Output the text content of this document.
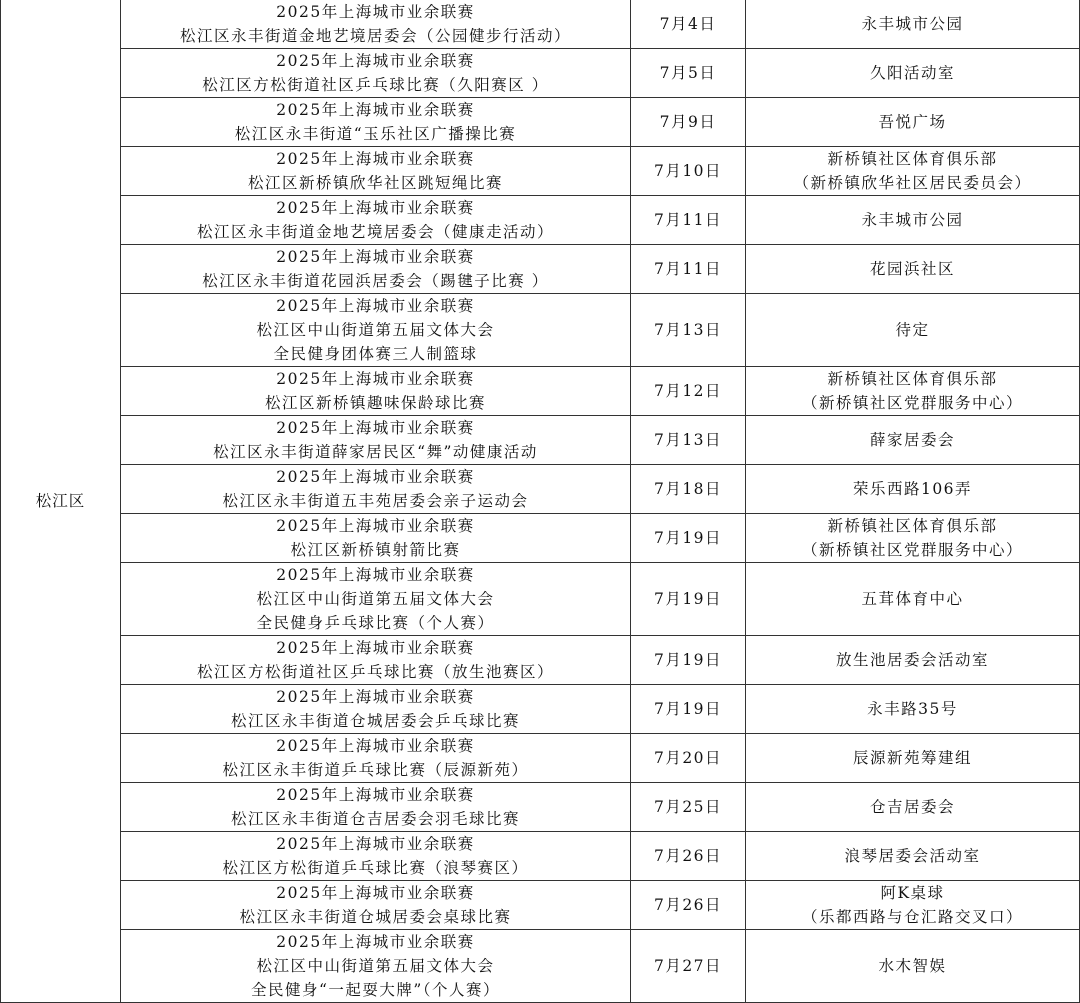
松江区	2025年上海城市业余联赛
松江区永丰街道金地艺境居委会（公园健步行活动）	7月4日	永丰城市公园

	2025年上海城市业余联赛
松江区方松街道社区乒乓球比赛（久阳赛区 ）	7月5日	久阳活动室

	2025年上海城市业余联赛
松江区永丰街道“玉乐社区广播操比赛	7月9日	吾悦广场

	2025年上海城市业余联赛
松江区新桥镇欣华社区跳短绳比赛	7月10日	新桥镇社区体育俱乐部
（新桥镇欣华社区居民委员会）

	2025年上海城市业余联赛
松江区永丰街道金地艺境居委会（健康走活动）	7月11日	永丰城市公园

	2025年上海城市业余联赛
松江区永丰街道花园浜居委会（踢毽子比赛 ）	7月11日	花园浜社区

	2025年上海城市业余联赛
松江区中山街道第五届文体大会
全民健身团体赛三人制篮球	7月13日	待定

	2025年上海城市业余联赛
松江区新桥镇趣味保龄球比赛	7月12日	新桥镇社区体育俱乐部
（新桥镇社区党群服务中心）

	2025年上海城市业余联赛
松江区永丰街道薛家居民区“舞”动健康活动	7月13日	薛家居委会

	2025年上海城市业余联赛
松江区永丰街道五丰苑居委会亲子运动会	7月18日	荣乐西路106弄

	2025年上海城市业余联赛
松江区新桥镇射箭比赛	7月19日	新桥镇社区体育俱乐部
（新桥镇社区党群服务中心）

	2025年上海城市业余联赛
松江区中山街道第五届文体大会
全民健身乒乓球比赛（个人赛）	7月19日	五茸体育中心

	2025年上海城市业余联赛
松江区方松街道社区乒乓球比赛（放生池赛区）	7月19日	放生池居委会活动室

	2025年上海城市业余联赛
松江区永丰街道仓城居委会乒乓球比赛	7月19日	永丰路35号

	2025年上海城市业余联赛
松江区永丰街道乒乓球比赛（辰源新苑）	7月20日	辰源新苑筹建组

	2025年上海城市业余联赛
松江区永丰街道仓吉居委会羽毛球比赛	7月25日	仓吉居委会

	2025年上海城市业余联赛
松江区方松街道乒乓球比赛（浪琴赛区）	7月26日	浪琴居委会活动室

	2025年上海城市业余联赛
松江区永丰街道仓城居委会桌球比赛	7月26日	阿K桌球
（乐都西路与仓汇路交叉口）

	2025年上海城市业余联赛
松江区中山街道第五届文体大会
全民健身“一起耍大牌”（个人赛）	7月27日	水木智娱
